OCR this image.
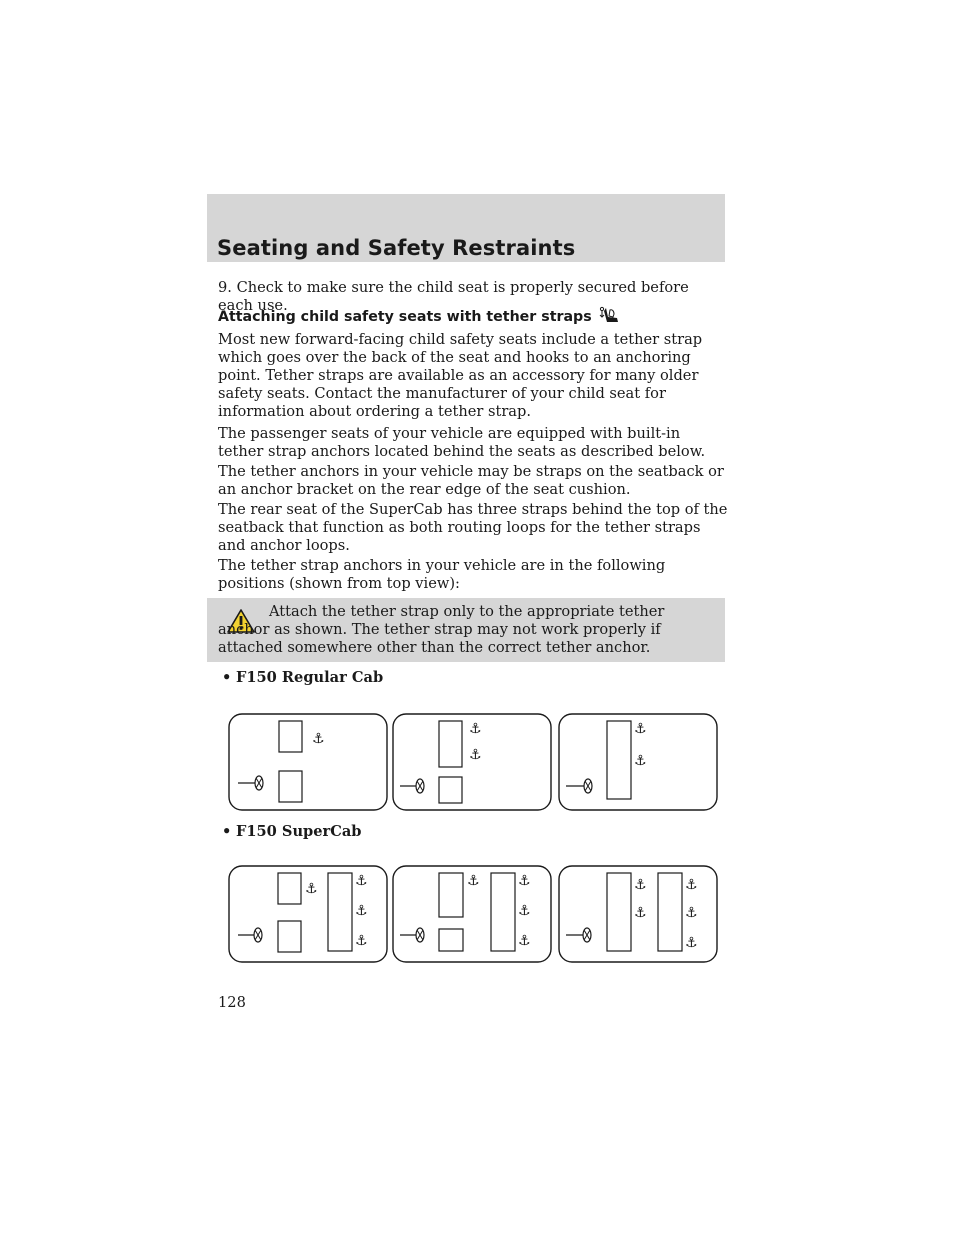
Seating and Safety Restraints

9. Check to make sure the child seat is properly secured before each use.

Attaching child safety seats with tether straps

Most new forward-facing child safety seats include a tether strap which goes over the back of the seat and hooks to an anchoring point. Tether straps are available as an accessory for many older safety seats. Contact the manufacturer of your child seat for information about ordering a tether strap.

The passenger seats of your vehicle are equipped with built-in tether strap anchors located behind the seats as described below.

The tether anchors in your vehicle may be straps on the seatback or an anchor bracket on the rear edge of the seat cushion.

The rear seat of the SuperCab has three straps behind the top of the seatback that function as both routing loops for the tether straps and anchor loops.

The tether strap anchors in your vehicle are in the following positions (shown from top view):

Attach the tether strap only to the appropriate tether anchor as shown. The tether strap may not work properly if attached somewhere other than the correct tether anchor.

• F150 Regular Cab
⚓
⚓
⚓
⚓
⚓
• F150 SuperCab
⚓	⚓
⚓
⚓
⚓	⚓
⚓
⚓
⚓
⚓
⚓
⚓
⚓
128
